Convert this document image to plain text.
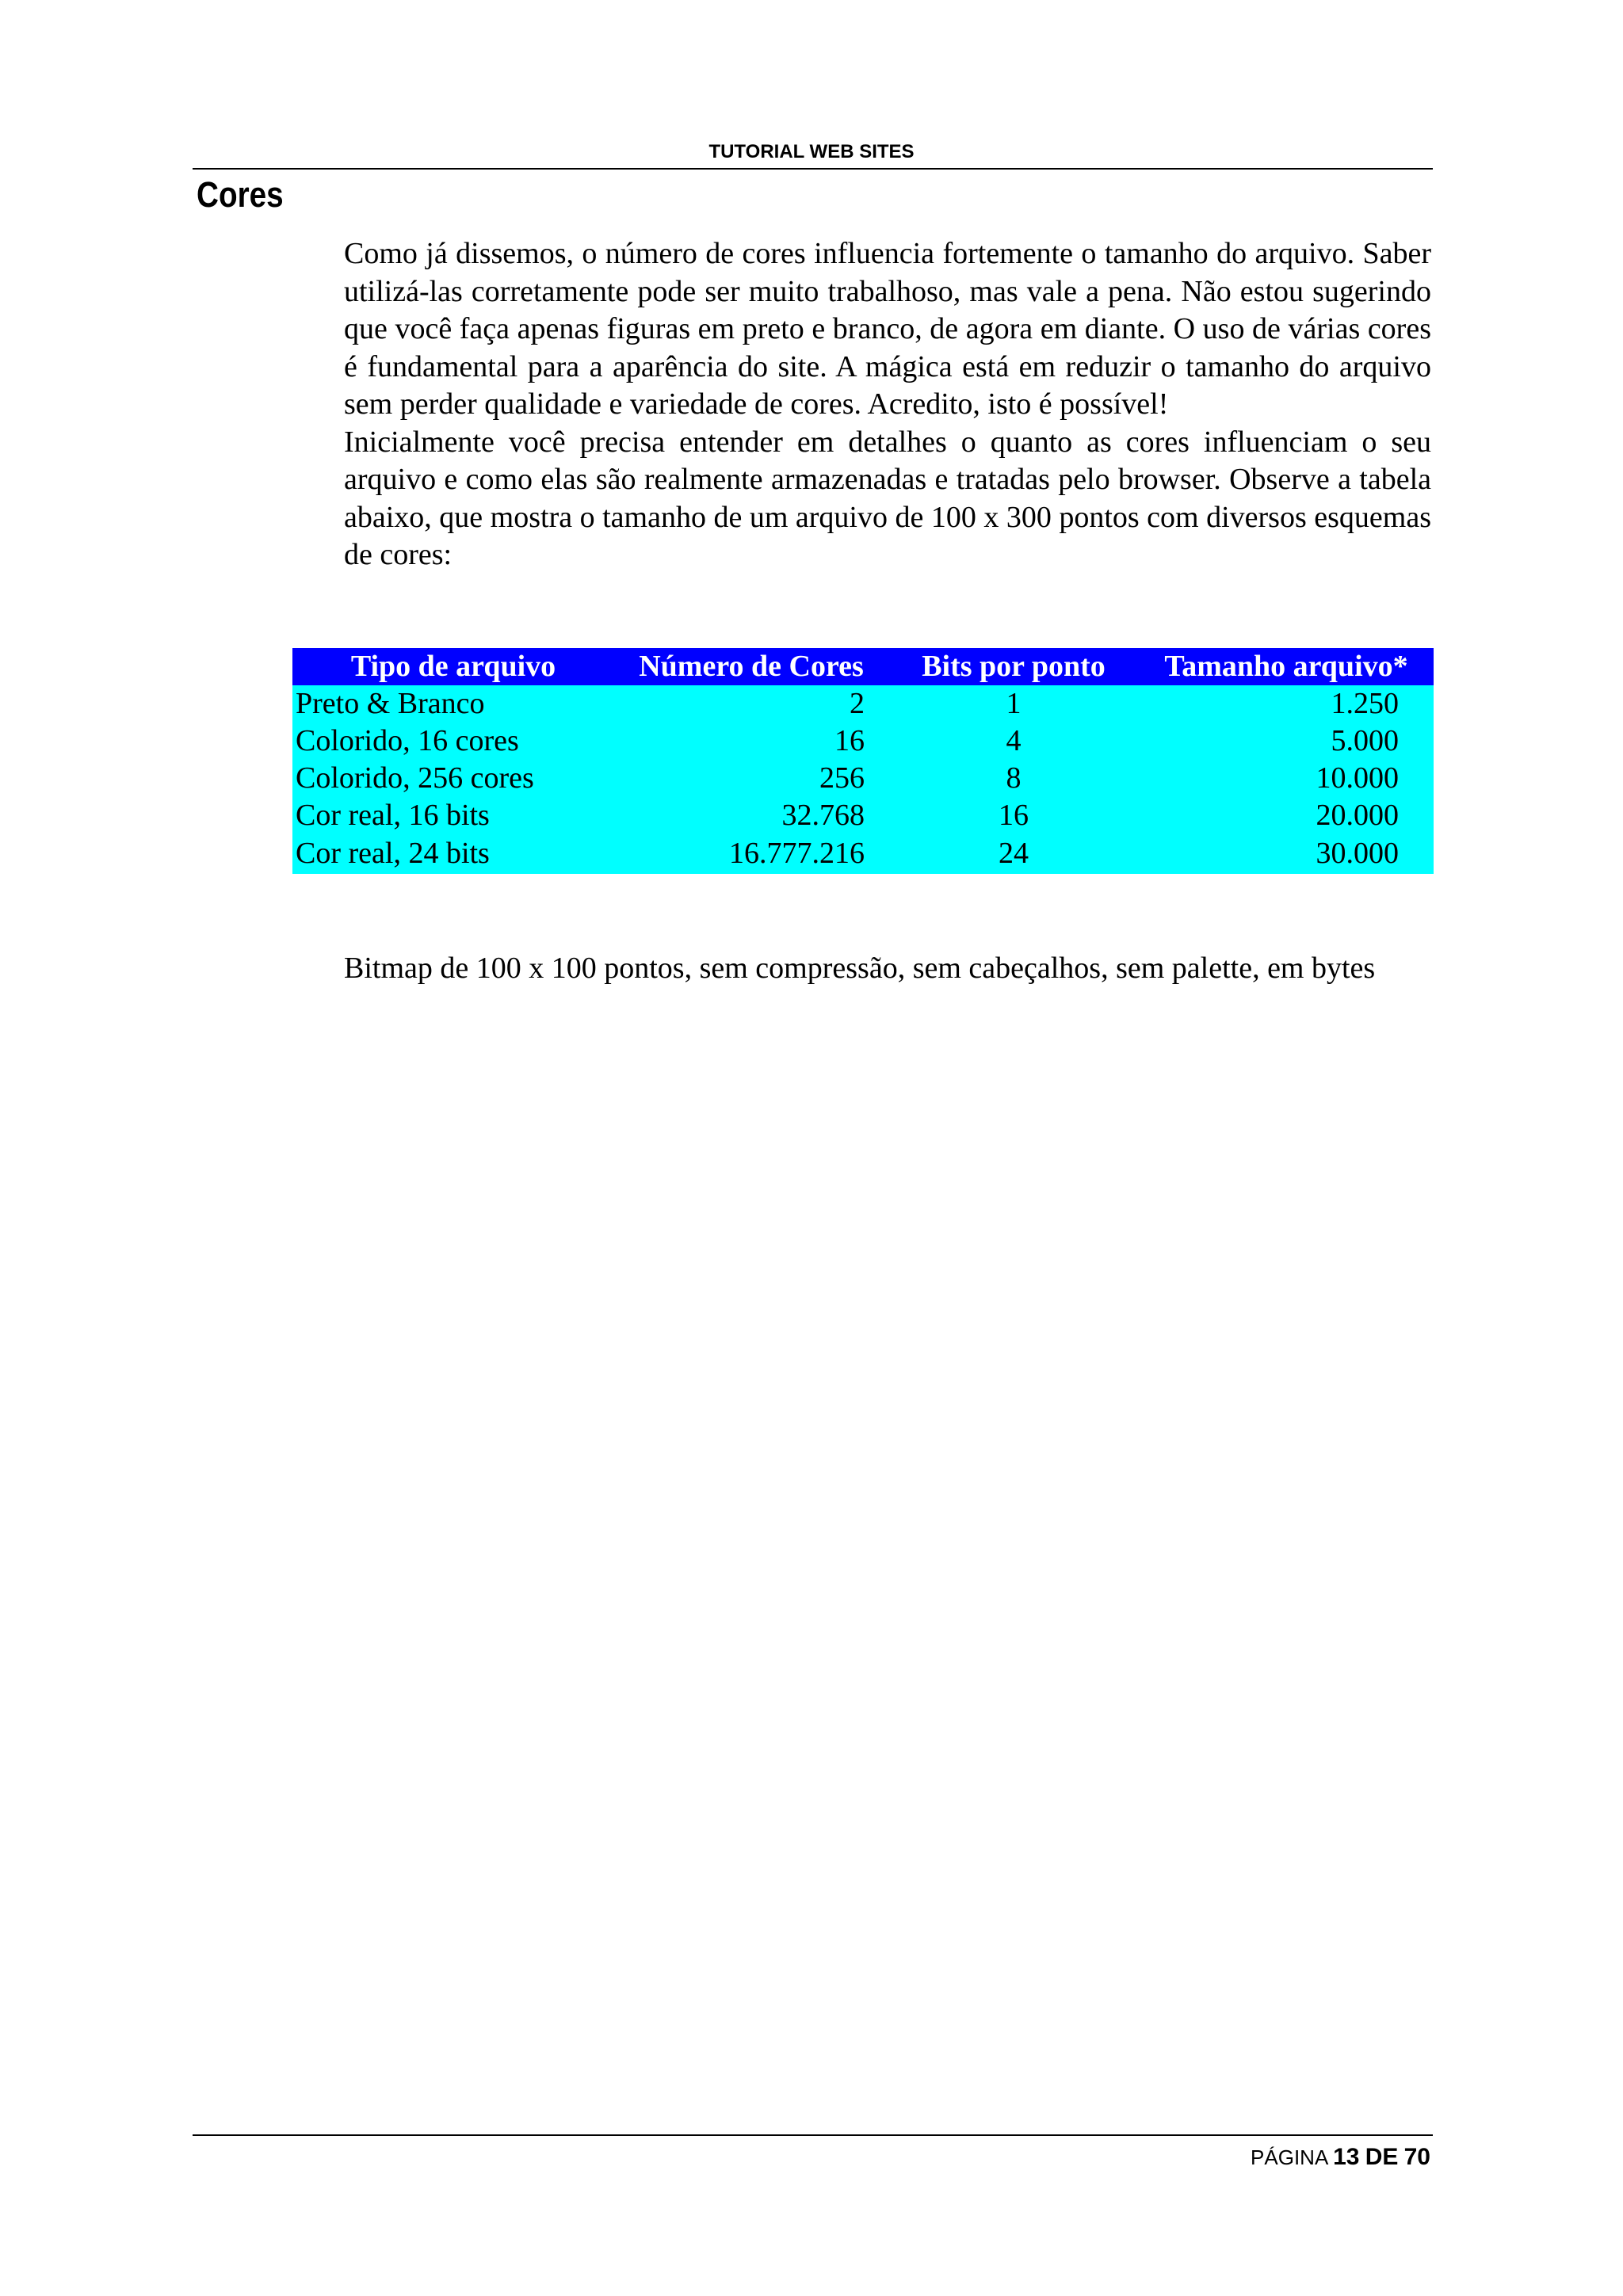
TUTORIAL WEB SITES
Cores

Como já dissemos, o número de cores influencia fortemente o tamanho do arquivo. Saber utilizá-las corretamente pode ser muito trabalhoso, mas vale a pena. Não estou sugerindo que você faça apenas figuras em preto e branco, de agora em diante. O uso de várias cores é fundamental para a aparência do site. A mágica está em reduzir o tamanho do arquivo sem perder qualidade e variedade de cores. Acredito, isto é possível!

Inicialmente você precisa entender em detalhes o quanto as cores influenciam o seu arquivo e como elas são realmente armazenadas e tratadas pelo browser. Observe a tabela abaixo, que mostra o tamanho de um arquivo de 100 x 300 pontos com diversos esquemas de cores:

Tipo de arquivo	Número de Cores	Bits por ponto	Tamanho arquivo*
Preto & Branco	2	1	1.250
Colorido, 16 cores	16	4	5.000
Colorido, 256 cores	256	8	10.000
Cor real, 16 bits	32.768	16	20.000
Cor real, 24 bits	16.777.216	24	30.000

Bitmap de 100 x 100 pontos, sem compressão, sem cabeçalhos, sem palette, em bytes

PÁGINA 13 DE 70
